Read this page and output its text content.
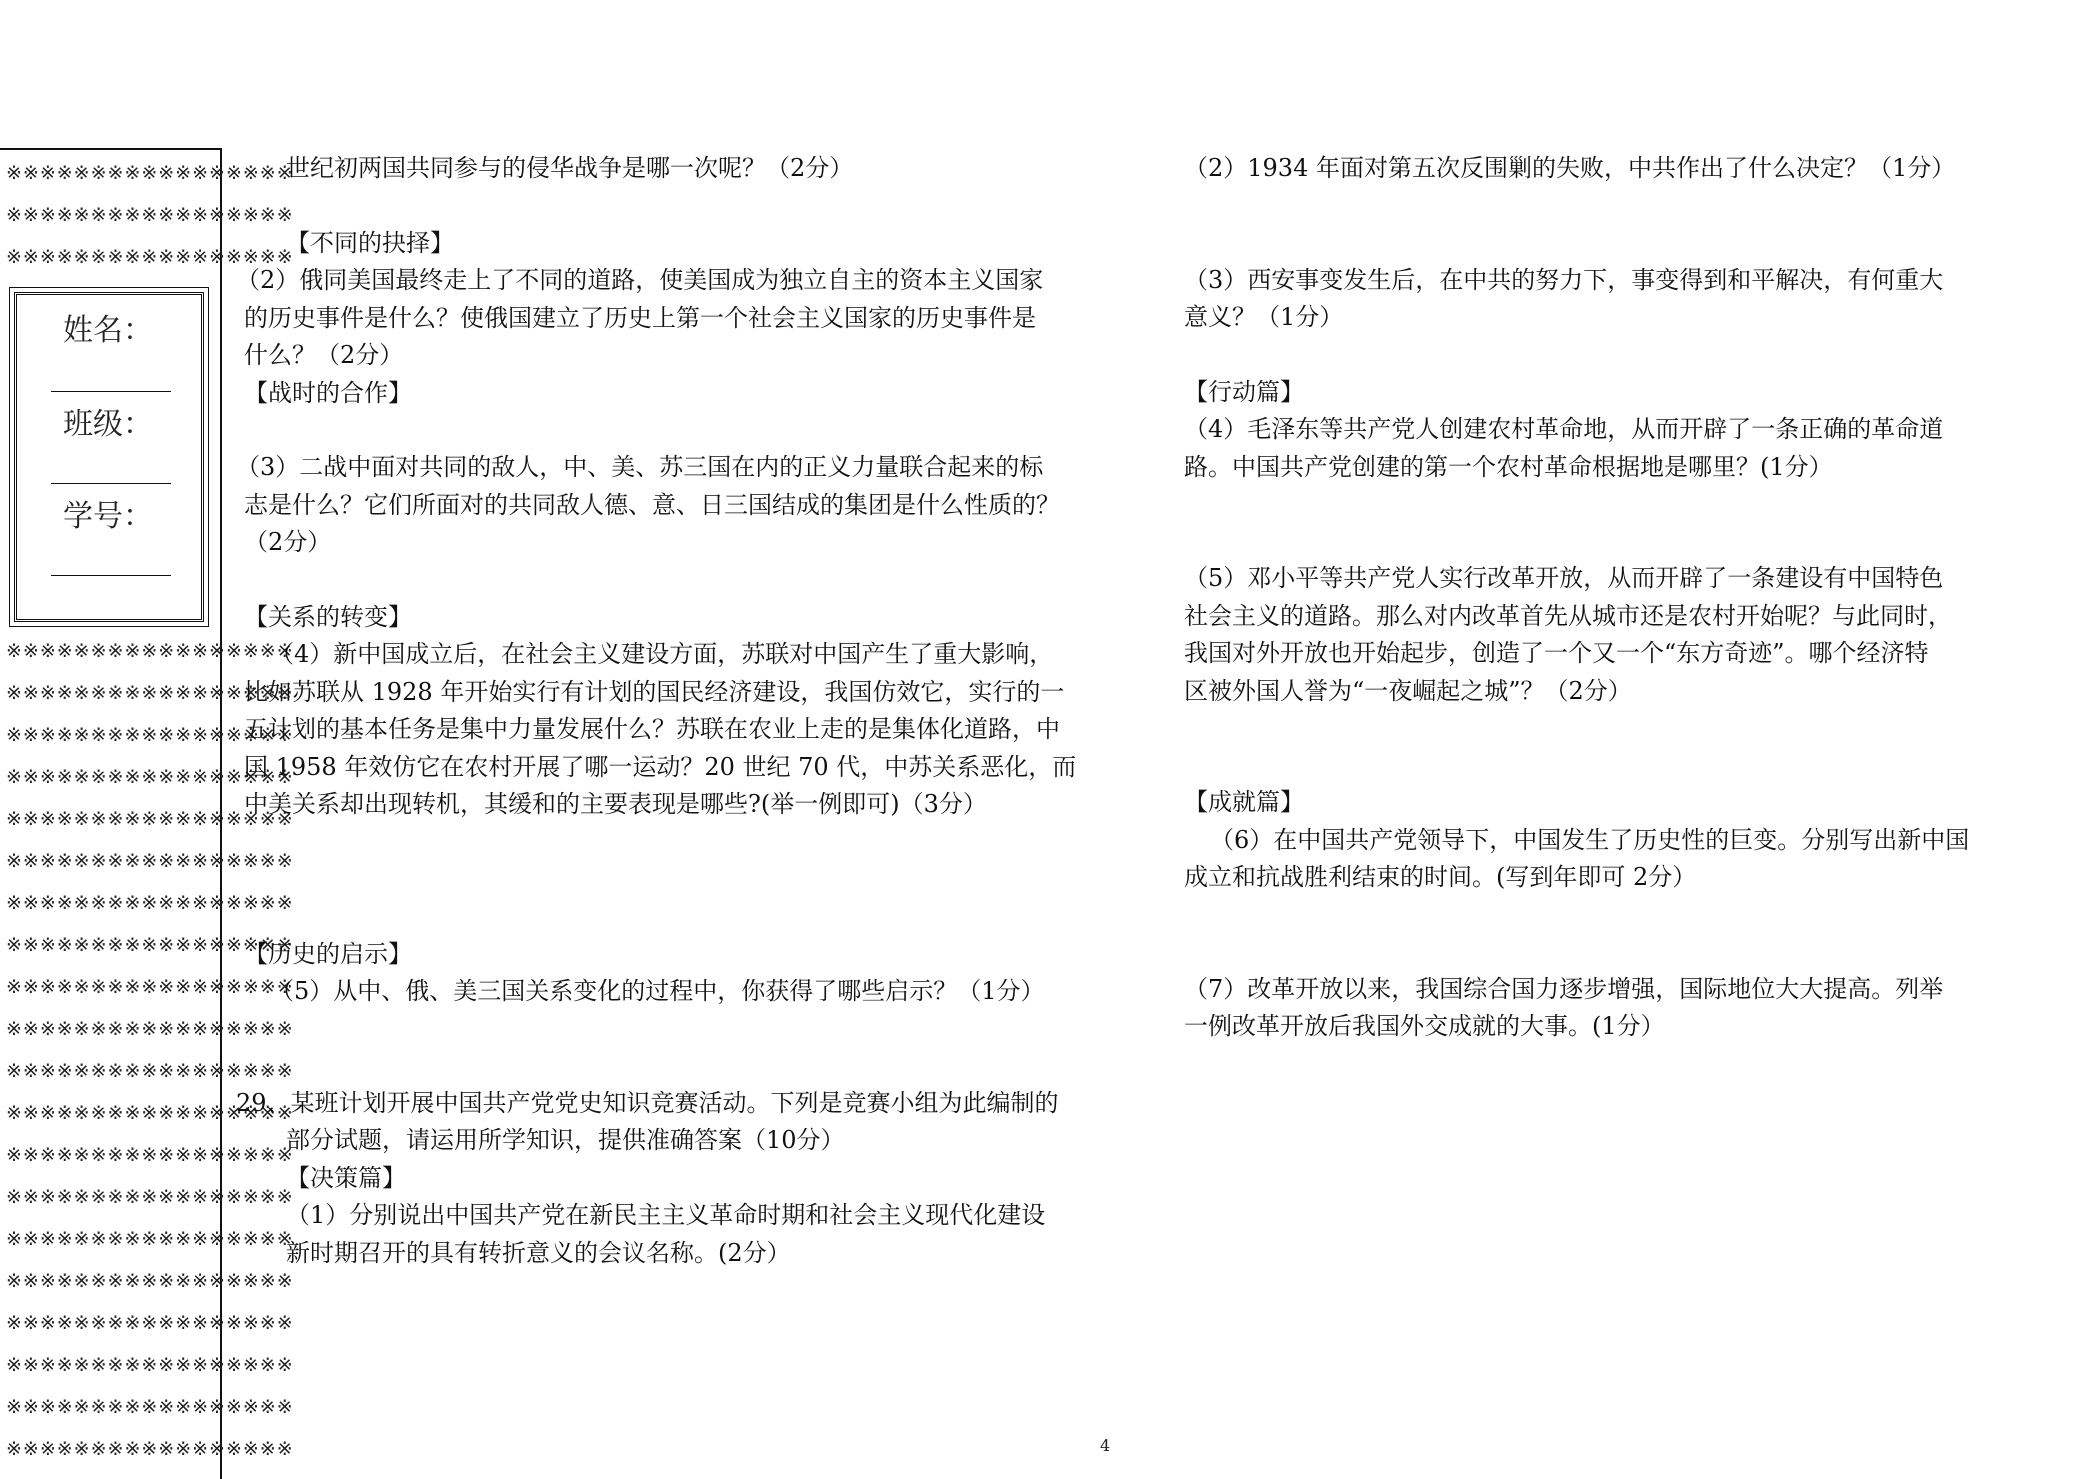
※※※※※※※※※※※※※※※※※
※※※※※※※※※※※※※※※※※
※※※※※※※※※※※※※※※※※
※※※※※※※※※※※※※※※※※
※※※※※※※※※※※※※※※※※
※※※※※※※※※※※※※※※※※
※※※※※※※※※※※※※※※※※
※※※※※※※※※※※※※※※※※
※※※※※※※※※※※※※※※※※
※※※※※※※※※※※※※※※※※
※※※※※※※※※※※※※※※※※
※※※※※※※※※※※※※※※※※
※※※※※※※※※※※※※※※※※
※※※※※※※※※※※※※※※※※
※※※※※※※※※※※※※※※※※
※※※※※※※※※※※※※※※※※
※※※※※※※※※※※※※※※※※
※※※※※※※※※※※※※※※※※
※※※※※※※※※※※※※※※※※
※※※※※※※※※※※※※※※※※
※※※※※※※※※※※※※※※※※
※※※※※※※※※※※※※※※※※
※※※※※※※※※※※※※※※※※
姓名：
班级：
学号：

世纪初两国共同参与的侵华战争是哪一次呢？（2分）

【不同的抉择】

（2）俄同美国最终走上了不同的道路，使美国成为独立自主的资本主义国家

的历史事件是什么？使俄国建立了历史上第一个社会主义国家的历史事件是

什么？（2分）

【战时的合作】

（3）二战中面对共同的敌人，中、美、苏三国在内的正义力量联合起来的标

志是什么？它们所面对的共同敌人德、意、日三国结成的集团是什么性质的？

（2分）

【关系的转变】

（4）新中国成立后，在社会主义建设方面，苏联对中国产生了重大影响，

比如苏联从 1928 年开始实行有计划的国民经济建设，我国仿效它，实行的一

五计划的基本任务是集中力量发展什么？苏联在农业上走的是集体化道路，中

国 1958 年效仿它在农村开展了哪一运动？20 世纪 70 代，中苏关系恶化，而

中美关系却出现转机，其缓和的主要表现是哪些?(举一例即可)（3分）

【历史的启示】

（5）从中、俄、美三国关系变化的过程中，你获得了哪些启示？（1分）

29、某班计划开展中国共产党党史知识竞赛活动。下列是竞赛小组为此编制的

部分试题，请运用所学知识，提供准确答案（10分）

【决策篇】

（1）分别说出中国共产党在新民主主义革命时期和社会主义现代化建设

新时期召开的具有转折意义的会议名称。(2分）

（2）1934 年面对第五次反围剿的失败，中共作出了什么决定？（1分）

（3）西安事变发生后，在中共的努力下，事变得到和平解决，有何重大

意义？（1分）

【行动篇】

（4）毛泽东等共产党人创建农村革命地，从而开辟了一条正确的革命道

路。中国共产党创建的第一个农村革命根据地是哪里？(1分）

（5）邓小平等共产党人实行改革开放，从而开辟了一条建设有中国特色

社会主义的道路。那么对内改革首先从城市还是农村开始呢？与此同时，

我国对外开放也开始起步，创造了一个又一个“东方奇迹”。哪个经济特

区被外国人誉为“一夜崛起之城”？（2分）

【成就篇】

（6）在中国共产党领导下，中国发生了历史性的巨变。分别写出新中国

成立和抗战胜利结束的时间。(写到年即可 2分）

（7）改革开放以来，我国综合国力逐步增强，国际地位大大提高。列举

一例改革开放后我国外交成就的大事。(1分）

4
